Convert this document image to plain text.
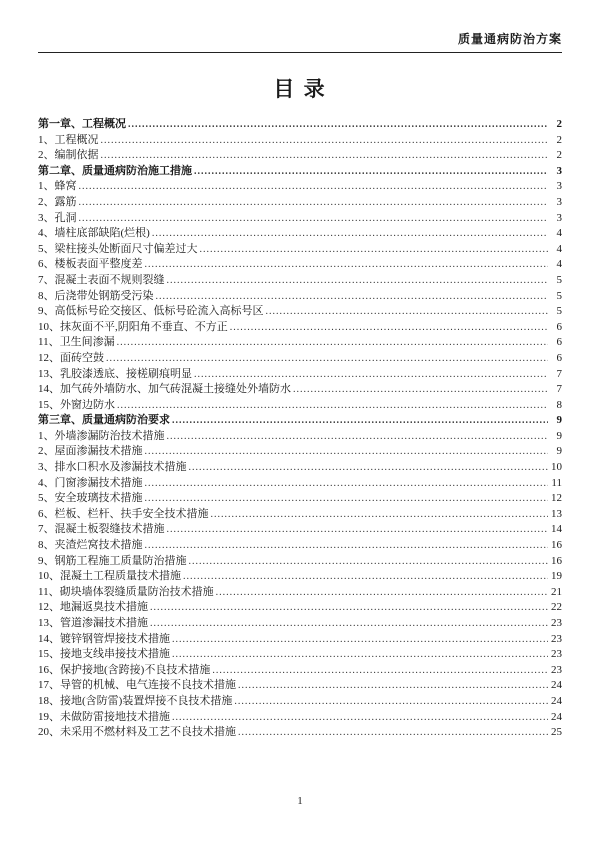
质量通病防治方案
目 录
第一章、工程概况 .....	2
1、工程概况 .....	2
2、编制依据 .....	2
第二章、质量通病防治施工措施 .....	3
1、蜂窝 .....	3
2、露筋 .....	3
3、孔洞 .....	3
4、墙柱底部缺陷(烂根) .....	4
5、梁柱接头处断面尺寸偏差过大 .....	4
6、楼板表面平整度差 .....	4
7、混凝土表面不规则裂缝 .....	5
8、后浇带处钢筋受污染 .....	5
9、高低标号砼交接区、低标号砼流入高标号区 .....	5
10、抹灰面不平,阴阳角不垂直、不方正 .....	6
11、卫生间渗漏 .....	6
12、面砖空鼓 .....	6
13、乳胶漆透底、接槎刷痕明显 .....	7
14、加气砖外墙防水、加气砖混凝土接缝处外墙防水 .....	7
15、外窗边防水 .....	8
第三章、质量通病防治要求 .....	9
1、外墙渗漏防治技术措施 .....	9
2、屋面渗漏技术措施 .....	9
3、排水口积水及渗漏技术措施 .....	10
4、门窗渗漏技术措施 .....	11
5、安全玻璃技术措施 .....	12
6、栏板、栏杆、扶手安全技术措施 .....	13
7、混凝土板裂缝技术措施 .....	14
8、夹渣烂窝技术措施 .....	16
9、钢筋工程施工质量防治措施 .....	16
10、混凝土工程质量技术措施 .....	19
11、砌块墙体裂缝质量防治技术措施 .....	21
12、地漏返臭技术措施 .....	22
13、管道渗漏技术措施 .....	23
14、镀锌钢管焊接技术措施 .....	23
15、接地支线串接技术措施 .....	23
16、保护接地(含跨接)不良技术措施 .....	23
17、导管的机械、电气连接不良技术措施 .....	24
18、接地(含防雷)装置焊接不良技术措施 .....	24
19、未做防雷接地技术措施 .....	24
20、未采用不燃材料及工艺不良技术措施 .....	25
1
